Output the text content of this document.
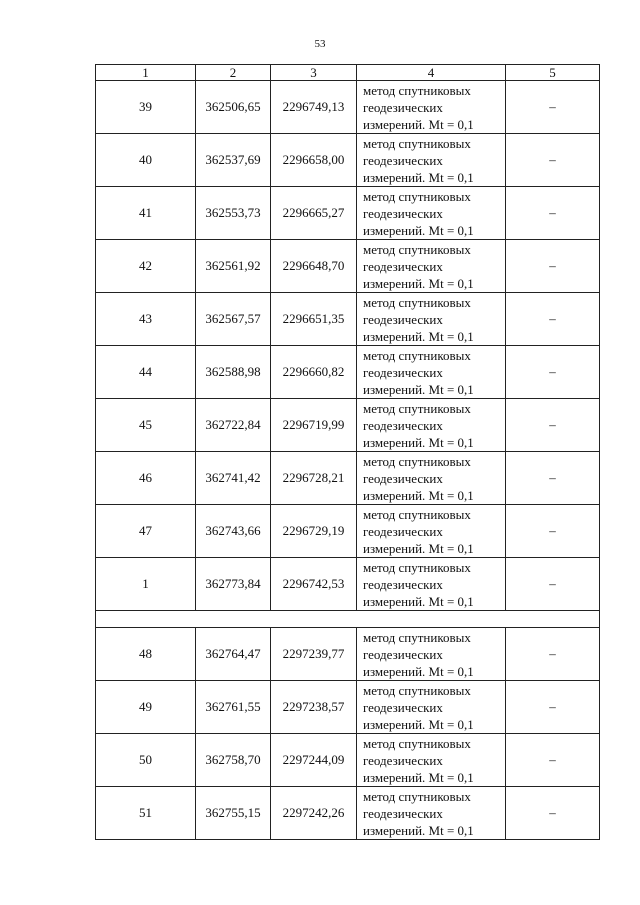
53
1	2	3	4	5
39	362506,65	2296749,13	метод спутниковых
геодезических
измерений. Mt = 0,1	–
40	362537,69	2296658,00	метод спутниковых
геодезических
измерений. Mt = 0,1	–
41	362553,73	2296665,27	метод спутниковых
геодезических
измерений. Mt = 0,1	–
42	362561,92	2296648,70	метод спутниковых
геодезических
измерений. Mt = 0,1	–
43	362567,57	2296651,35	метод спутниковых
геодезических
измерений. Mt = 0,1	–
44	362588,98	2296660,82	метод спутниковых
геодезических
измерений. Mt = 0,1	–
45	362722,84	2296719,99	метод спутниковых
геодезических
измерений. Mt = 0,1	–
46	362741,42	2296728,21	метод спутниковых
геодезических
измерений. Mt = 0,1	–
47	362743,66	2296729,19	метод спутниковых
геодезических
измерений. Mt = 0,1	–
1	362773,84	2296742,53	метод спутниковых
геодезических
измерений. Mt = 0,1	–

48	362764,47	2297239,77	метод спутниковых
геодезических
измерений. Mt = 0,1	–
49	362761,55	2297238,57	метод спутниковых
геодезических
измерений. Mt = 0,1	–
50	362758,70	2297244,09	метод спутниковых
геодезических
измерений. Mt = 0,1	–
51	362755,15	2297242,26	метод спутниковых
геодезических
измерений. Mt = 0,1	–
